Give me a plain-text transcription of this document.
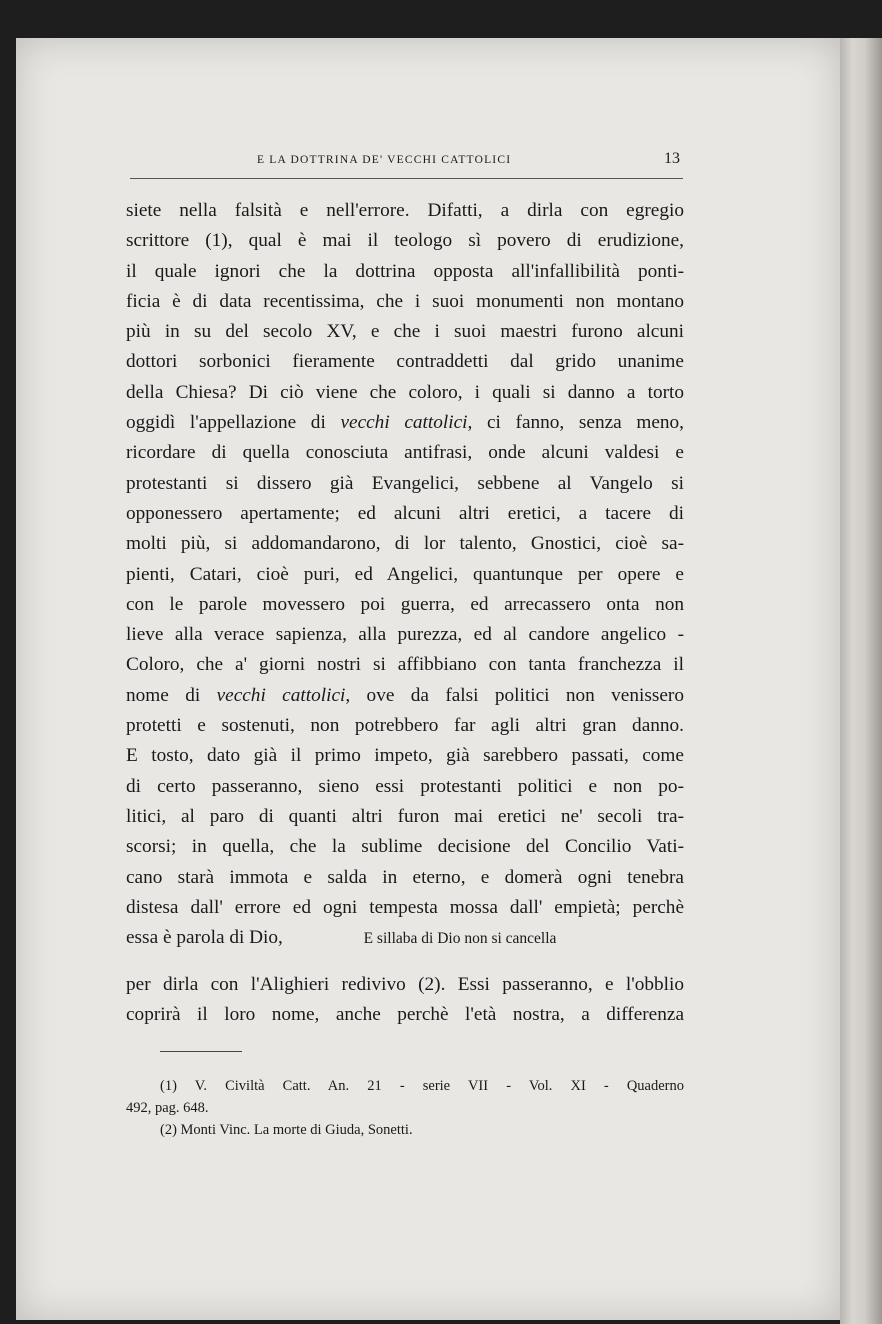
E LA DOTTRINA DE' VECCHI CATTOLICI	13
siete nella falsità e nell'errore. Difatti, a dirla con egregio
scrittore (1), qual è mai il teologo sì povero di erudizione,
il quale ignori che la dottrina opposta all'infallibilità ponti-
ficia è di data recentissima, che i suoi monumenti non montano
più in su del secolo XV, e che i suoi maestri furono alcuni
dottori sorbonici fieramente contraddetti dal grido unanime
della Chiesa? Di ciò viene che coloro, i quali si danno a torto
oggidì l'appellazione di vecchi cattolici, ci fanno, senza meno,
ricordare di quella conosciuta antifrasi, onde alcuni valdesi e
protestanti si dissero già Evangelici, sebbene al Vangelo si
opponessero apertamente; ed alcuni altri eretici, a tacere di
molti più, si addomandarono, di lor talento, Gnostici, cioè sa-
pienti, Catari, cioè puri, ed Angelici, quantunque per opere e
con le parole movessero poi guerra, ed arrecassero onta non
lieve alla verace sapienza, alla purezza, ed al candore angelico -
Coloro, che a' giorni nostri si affibbiano con tanta franchezza il
nome di vecchi cattolici, ove da falsi politici non venissero
protetti e sostenuti, non potrebbero far agli altri gran danno.
E tosto, dato già il primo impeto, già sarebbero passati, come
di certo passeranno, sieno essi protestanti politici e non po-
litici, al paro di quanti altri furon mai eretici ne' secoli tra-
scorsi; in quella, che la sublime decisione del Concilio Vati-
cano starà immota e salda in eterno, e domerà ogni tenebra
distesa dall' errore ed ogni tempesta mossa dall' empietà; perchè
essa è parola di Dio,	E sillaba di Dio non si cancella
per dirla con l'Alighieri redivivo (2). Essi passeranno, e l'obblio
coprirà il loro nome, anche perchè l'età nostra, a differenza
(1) V. Civiltà Catt. An. 21 - serie VII - Vol. XI - Quaderno
492, pag. 648.
(2) Monti Vinc. La morte di Giuda, Sonetti.
